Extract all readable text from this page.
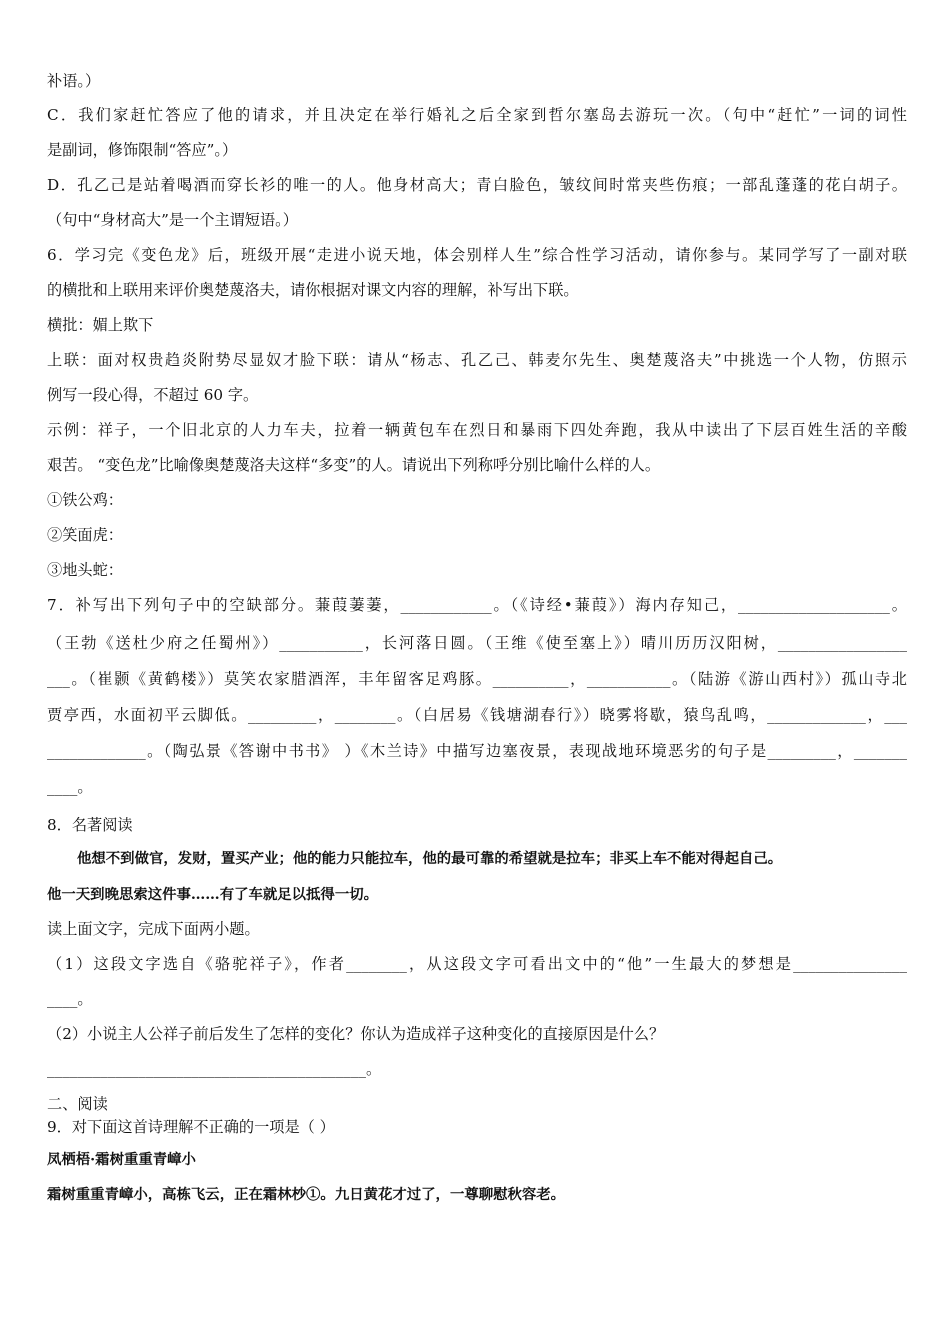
补语。）
C．我们家赶忙答应了他的请求，并且决定在举行婚礼之后全家到哲尔塞岛去游玩一次。（句中“赶忙”一词的词性
是副词，修饰限制“答应”。）
D．孔乙己是站着喝酒而穿长衫的唯一的人。他身材高大；青白脸色，皱纹间时常夹些伤痕；一部乱蓬蓬的花白胡子。
（句中“身材高大”是一个主谓短语。）
6．学习完《变色龙》后，班级开展“走进小说天地，体会别样人生”综合性学习活动，请你参与。某同学写了一副对联
的横批和上联用来评价奥楚蔑洛夫，请你根据对课文内容的理解，补写出下联。
横批：媚上欺下
上联：面对权贵趋炎附势尽显奴才脸下联：请从“杨志、孔乙己、韩麦尔先生、奥楚蔑洛夫”中挑选一个人物，仿照示
例写一段心得，不超过 60 字。
示例：祥子，一个旧北京的人力车夫，拉着一辆黄包车在烈日和暴雨下四处奔跑，我从中读出了下层百姓生活的辛酸
艰苦。 “变色龙”比喻像奥楚蔑洛夫这样“多变”的人。请说出下列称呼分别比喻什么样的人。
①铁公鸡：
②笑面虎：
③地头蛇：
7．补写出下列句子中的空缺部分。蒹葭萋萋，____________。（《诗经•蒹葭》）海内存知己，____________________。
（王勃《送杜少府之任蜀州》）___________，长河落日圆。（王维《使至塞上》）晴川历历汉阳树，_________________
___。（崔颢《黄鹤楼》）莫笑农家腊酒浑，丰年留客足鸡豚。__________，___________。（陆游《游山西村》）孤山寺北
贾亭西，水面初平云脚低。_________，________。（白居易《钱塘湖春行》）晓雾将歇，猿鸟乱鸣，_____________，___
_____________。（陶弘景《答谢中书书》 ）《木兰诗》中描写边塞夜景，表现战地环境恶劣的句子是_________，_______
____。
8．名著阅读
他想不到做官，发财，置买产业；他的能力只能拉车，他的最可靠的希望就是拉车；非买上车不能对得起自己。
他一天到晚思索这件事……有了车就足以抵得一切。
读上面文字，完成下面两小题。
（1）这段文字选自《骆驼祥子》，作者________，从这段文字可看出文中的“他”一生最大的梦想是_______________
____。
（2）小说主人公祥子前后发生了怎样的变化？你认为造成祥子这种变化的直接原因是什么？
__________________________________________。
二、阅读
9．对下面这首诗理解不正确的一项是（ ）
凤栖梧·霜树重重青嶂小
霜树重重青嶂小，高栋飞云，正在霜林杪①。九日黄花才过了，一尊聊慰秋容老。
